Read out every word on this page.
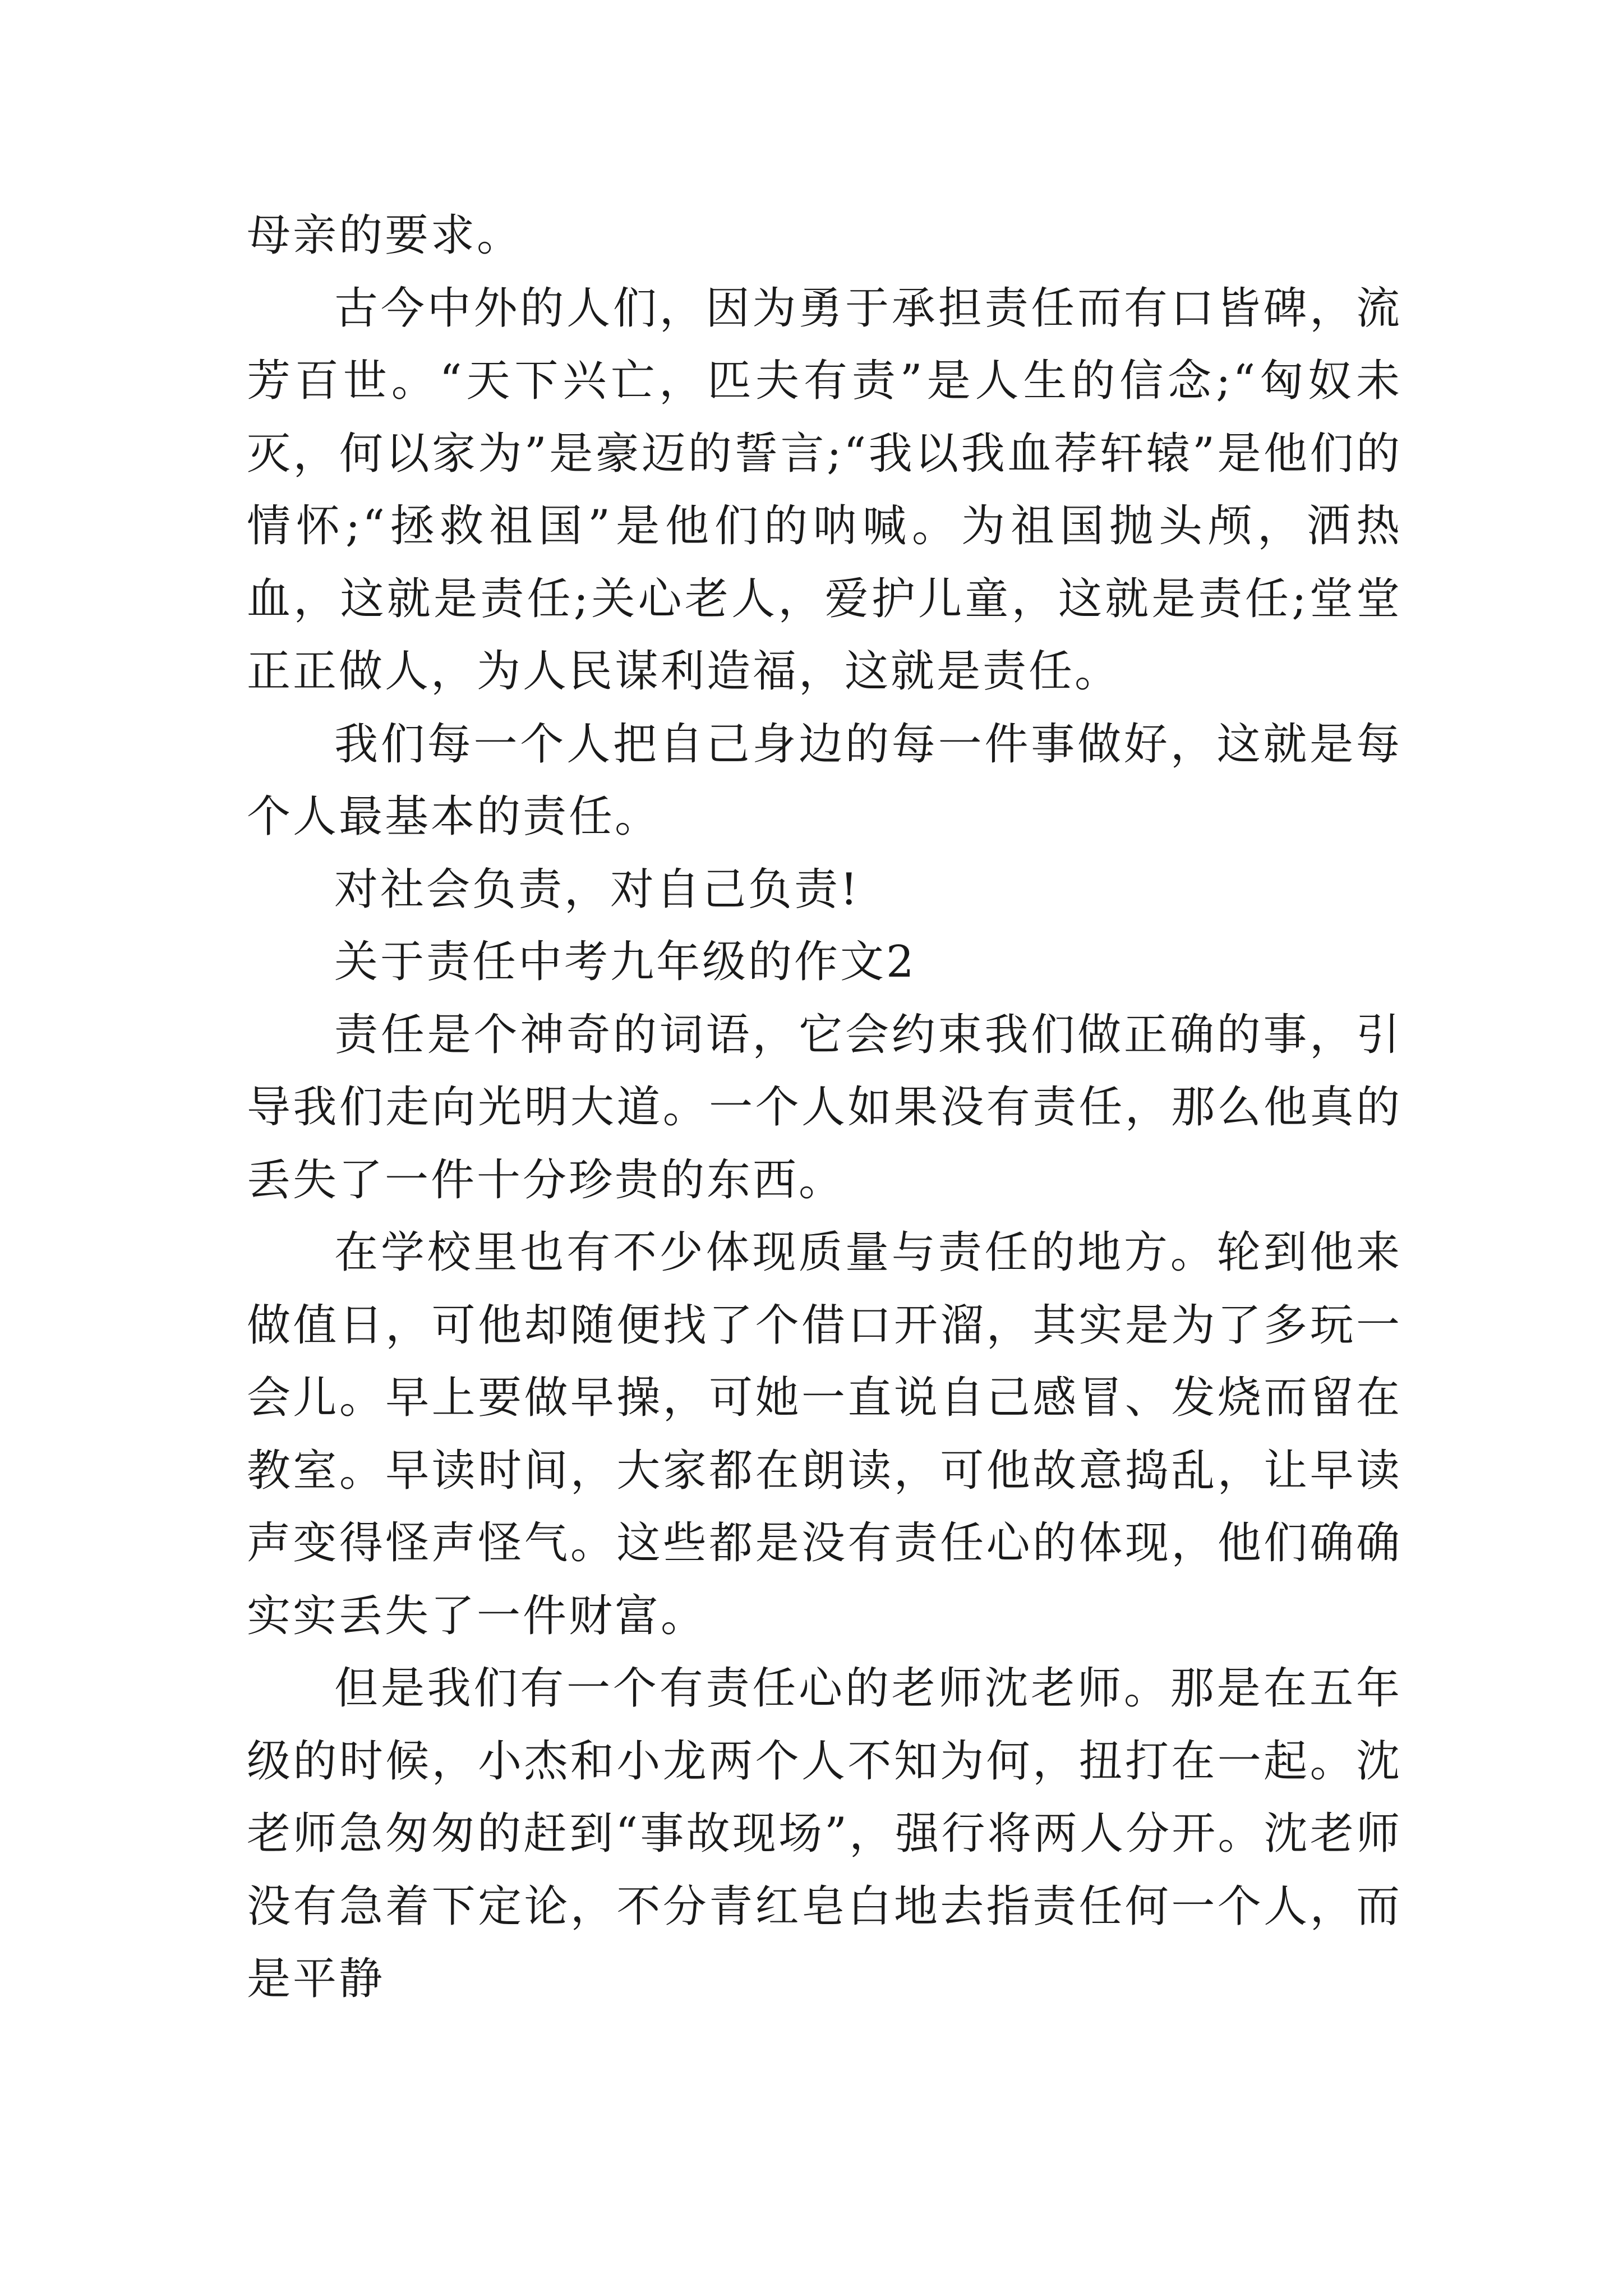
母亲的要求。

古今中外的人们，因为勇于承担责任而有口皆碑，流芳百世。“天下兴亡，匹夫有责”是人生的信念;“匈奴未灭，何以家为”是豪迈的誓言;“我以我血荐轩辕”是他们的情怀;“拯救祖国”是他们的呐喊。为祖国抛头颅，洒热血，这就是责任;关心老人，爱护儿童，这就是责任;堂堂正正做人，为人民谋利造福，这就是责任。

我们每一个人把自己身边的每一件事做好，这就是每个人最基本的责任。

对社会负责，对自己负责!

关于责任中考九年级的作文2

责任是个神奇的词语，它会约束我们做正确的事，引导我们走向光明大道。一个人如果没有责任，那么他真的丢失了一件十分珍贵的东西。

在学校里也有不少体现质量与责任的地方。轮到他来做值日，可他却随便找了个借口开溜，其实是为了多玩一会儿。早上要做早操，可她一直说自己感冒、发烧而留在教室。早读时间，大家都在朗读，可他故意捣乱，让早读声变得怪声怪气。这些都是没有责任心的体现，他们确确实实丢失了一件财富。

但是我们有一个有责任心的老师沈老师。那是在五年级的时候，小杰和小龙两个人不知为何，扭打在一起。沈老师急匆匆的赶到“事故现场”，强行将两人分开。沈老师没有急着下定论，不分青红皂白地去指责任何一个人，而是平静
